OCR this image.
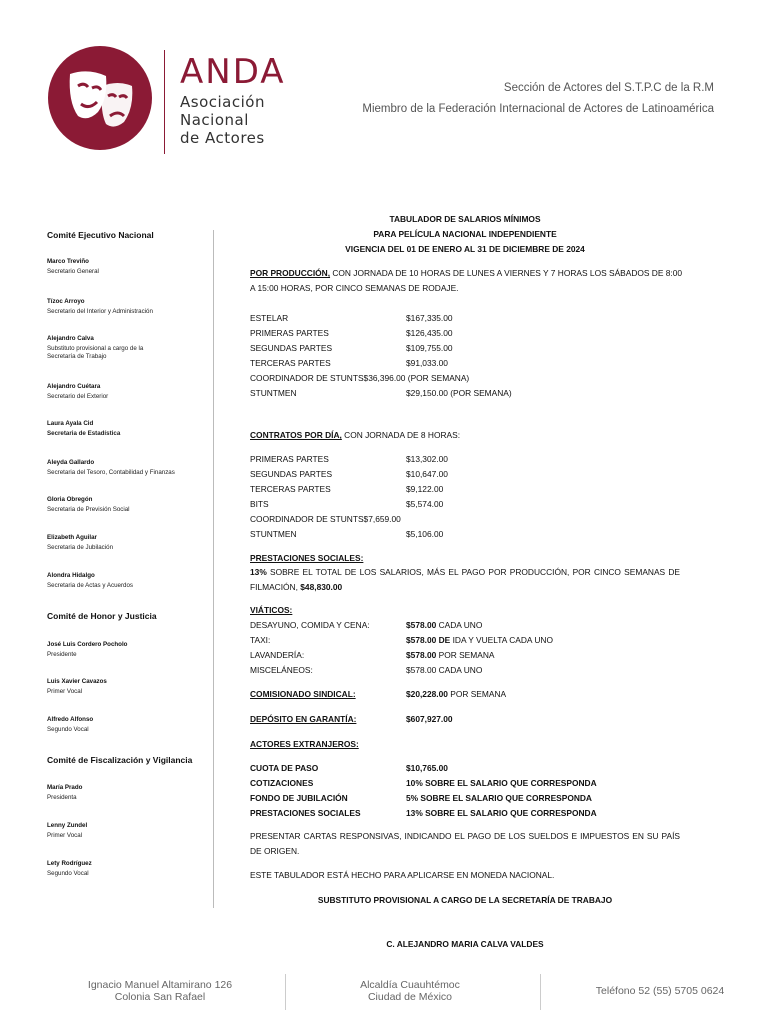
ANDA
Asociación
Nacional
de Actores
Sección de Actores del S.T.P.C de la R.M
Miembro de la Federación Internacional de Actores de Latinoamérica
Comité Ejecutivo Nacional
Marco Treviño
Secretario General
Tízoc Arroyo
Secretario del Interior y Administración
Alejandro Calva
Substituto provisional a cargo de la Secretaría de Trabajo
Alejandro Cuétara
Secretario del Exterior
Laura Ayala Cid
Secretaria de Estadística
Aleyda Gallardo
Secretaria del Tesoro, Contabilidad y Finanzas
Gloria Obregón
Secretaria de Previsión Social
Elizabeth Aguilar
Secretaria de Jubilación
Alondra Hidalgo
Secretaria de Actas y Acuerdos
Comité de Honor y Justicia
José Luis Cordero Pocholo
Presidente
Luis Xavier Cavazos
Primer Vocal
Alfredo Alfonso
Segundo Vocal
Comité de Fiscalización y Vigilancia
María Prado
Presidenta
Lenny Zundel
Primer Vocal
Lety Rodríguez
Segundo Vocal
TABULADOR DE SALARIOS MÍNIMOS
PARA PELÍCULA NACIONAL INDEPENDIENTE
VIGENCIA DEL 01 DE ENERO AL 31 DE DICIEMBRE DE 2024
POR PRODUCCIÓN, CON JORNADA DE 10 HORAS DE LUNES A VIERNES Y 7 HORAS LOS SÁBADOS DE 8:00
A 15:00 HORAS, POR CINCO SEMANAS DE RODAJE.
ESTELAR	$167,335.00
PRIMERAS PARTES	$126,435.00
SEGUNDAS PARTES	$109,755.00
TERCERAS PARTES	$91,033.00
COORDINADOR DE STUNTS$36,396.00 (POR SEMANA)
STUNTMEN	$29,150.00 (POR SEMANA)
CONTRATOS POR DÍA, CON JORNADA DE 8 HORAS:
PRIMERAS PARTES	$13,302.00
SEGUNDAS PARTES	$10,647.00
TERCERAS PARTES	$9,122.00
BITS	$5,574.00
COORDINADOR DE STUNTS$7,659.00
STUNTMEN	$5,106.00
PRESTACIONES SOCIALES:
13% SOBRE EL TOTAL DE LOS SALARIOS, MÁS EL PAGO POR PRODUCCIÓN, POR CINCO SEMANAS DE FILMACIÓN, $48,830.00
VIÁTICOS:
DESAYUNO, COMIDA Y CENA:	$578.00 CADA UNO
TAXI:	$578.00 DE IDA Y VUELTA CADA UNO
LAVANDERÍA:	$578.00 POR SEMANA
MISCELÁNEOS:	$578.00 CADA UNO
COMISIONADO SINDICAL:	$20,228.00 POR SEMANA
DEPÓSITO EN GARANTÍA:	$607,927.00
ACTORES EXTRANJEROS:
CUOTA DE PASO	$10,765.00
COTIZACIONES	10% SOBRE EL SALARIO QUE CORRESPONDA
FONDO DE JUBILACIÓN	5% SOBRE EL SALARIO QUE CORRESPONDA
PRESTACIONES SOCIALES	13% SOBRE EL SALARIO QUE CORRESPONDA
PRESENTAR CARTAS RESPONSIVAS, INDICANDO EL PAGO DE LOS SUELDOS E IMPUESTOS EN SU PAÍS DE ORIGEN.
ESTE TABULADOR ESTÁ HECHO PARA APLICARSE EN MONEDA NACIONAL.
SUBSTITUTO PROVISIONAL A CARGO DE LA SECRETARÍA DE TRABAJO
C. ALEJANDRO MARIA CALVA VALDES
Ignacio Manuel Altamirano 126
Colonia San Rafael
Alcaldía Cuauhtémoc
Ciudad de México	Teléfono 52 (55) 5705 0624
